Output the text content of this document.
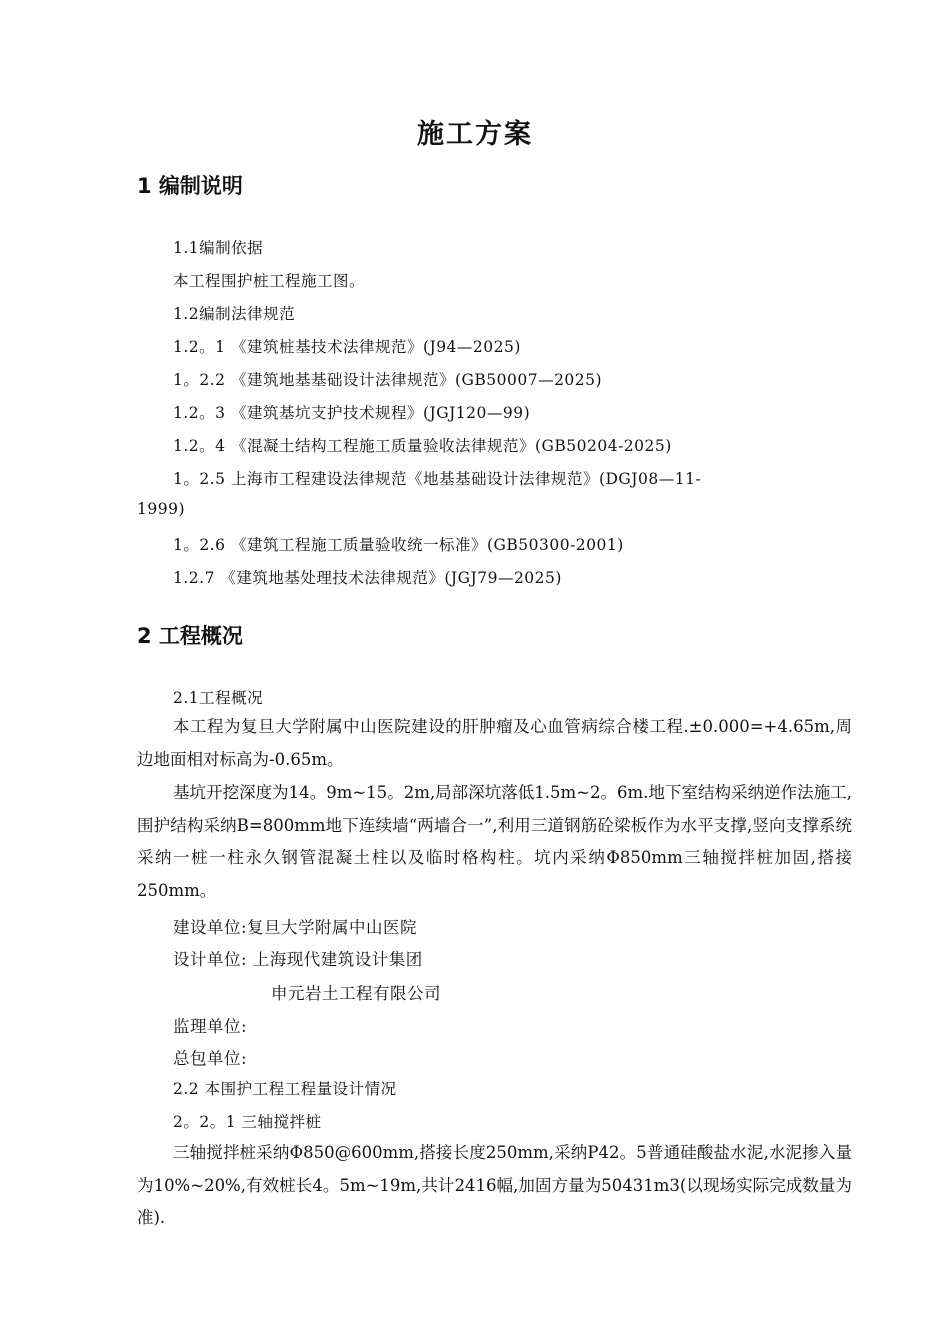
施工方案
1 编制说明
1.1编制依据
本工程围护桩工程施工图。
1.2编制法律规范
1.2。1 《建筑桩基技术法律规范》(J94—2025)
1。2.2 《建筑地基基础设计法律规范》(GB50007—2025)
1.2。3 《建筑基坑支护技术规程》(JGJ120—99)
1.2。4 《混凝土结构工程施工质量验收法律规范》(GB50204-2025)
1。2.5 上海市工程建设法律规范《地基基础设计法律规范》(DGJ08—11-
1999)
1。2.6 《建筑工程施工质量验收统一标准》(GB50300-2001)
1.2.7 《建筑地基处理技术法律规范》(JGJ79—2025)
2 工程概况
2.1工程概况

本工程为复旦大学附属中山医院建设的肝肿瘤及心血管病综合楼工程.±0.000=+4.65m,周边地面相对标高为-0.65m。

基坑开挖深度为14。9m~15。2m,局部深坑落低1.5m~2。6m.地下室结构采纳逆作法施工,围护结构采纳B=800mm地下连续墙“两墙合一”,利用三道钢筋砼梁板作为水平支撑,竖向支撑系统采纳一桩一柱永久钢管混凝土柱以及临时格构柱。坑内采纳Φ850mm三轴搅拌桩加固,搭接250mm。

建设单位:复旦大学附属中山医院
设计单位: 上海现代建筑设计集团
申元岩土工程有限公司
监理单位:
总包单位:
2.2 本围护工程工程量设计情况
2。2。1 三轴搅拌桩

三轴搅拌桩采纳Φ850@600mm,搭接长度250mm,采纳P42。5普通硅酸盐水泥,水泥掺入量为10%~20%,有效桩长4。5m~19m,共计2416幅,加固方量为50431m3(以现场实际完成数量为准).
